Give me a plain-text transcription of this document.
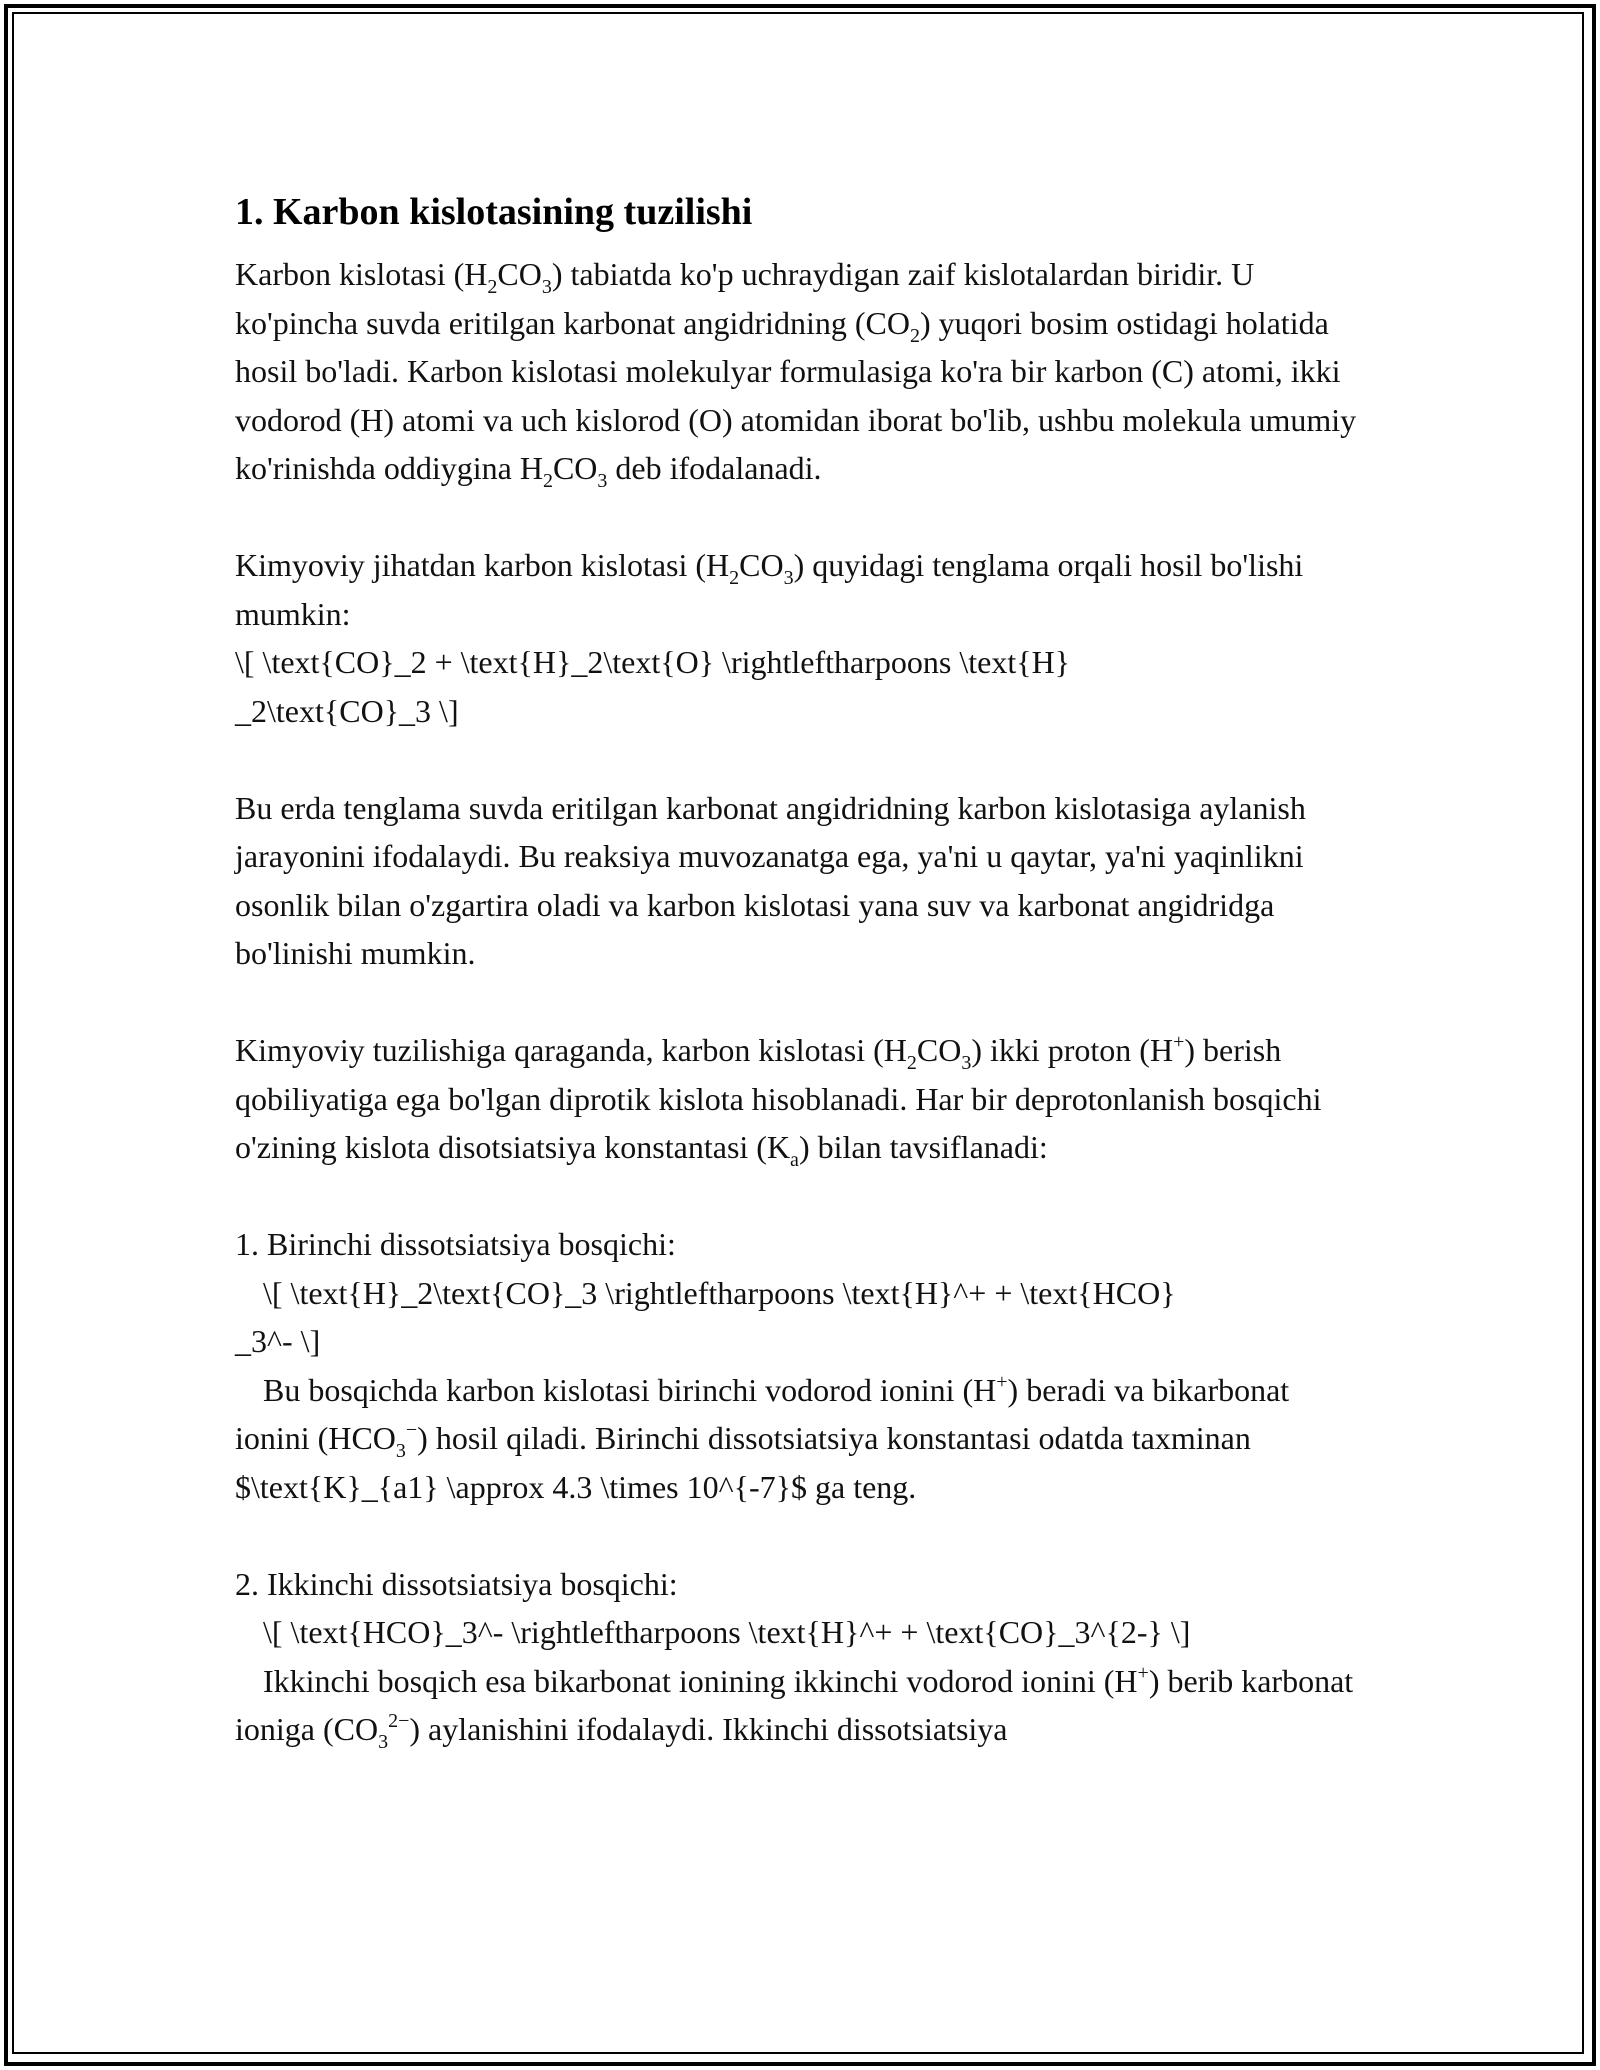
1. Karbon kislotasining tuzilishi

Karbon kislotasi $(H_2CO_3)$ tabiatda ko'p uchraydigan zaif kislotalardan biridir. U ko'pincha suvda eritilgan karbonat angidridning $(CO_2)$ yuqori bosim ostidagi holatida hosil bo'ladi. Karbon kislotasi molekulyar formulasiga ko'ra bir karbon (C) atomi, ikki vodorod (H) atomi va uch kislorod (O) atomidan iborat bo'lib, ushbu molekula umumiy ko'rinishda oddiygina $H_2CO_3$ deb ifodalanadi.

Kimyoviy jihatdan karbon kislotasi $(H_2CO_3)$ quyidagi tenglama orqali hosil bo'lishi mumkin:
\[ \text{CO}_2 + \text{H}_2\text{O} \rightleftharpoons \text{H}
_2\text{CO}_3 \]

Bu erda tenglama suvda eritilgan karbonat angidridning karbon kislotasiga aylanish jarayonini ifodalaydi. Bu reaksiya muvozanatga ega, ya'ni u qaytar, ya'ni yaqinlikni osonlik bilan o'zgartira oladi va karbon kislotasi yana suv va karbonat angidridga bo'linishi mumkin.

Kimyoviy tuzilishiga qaraganda, karbon kislotasi $(H_2CO_3)$ ikki proton (H+) berish qobiliyatiga ega bo'lgan diprotik kislota hisoblanadi. Har bir deprotonlanish bosqichi o'zining kislota disotsiatsiya konstantasi $(K_a)$ bilan tavsiflanadi:

1. Birinchi dissotsiatsiya bosqichi:
\[ \text{H}_2\text{CO}_3 \rightleftharpoons \text{H}^+ + \text{HCO}
_3^- \]
Bu bosqichda karbon kislotasi birinchi vodorod ionini (H+) beradi va bikarbonat ionini $(HCO_3^-)$ hosil qiladi. Birinchi dissotsiatsiya konstantasi odatda taxminan $\text{K}_{a1} \approx 4.3 \times 10^{-7}$ ga teng.

2. Ikkinchi dissotsiatsiya bosqichi:
\[ \text{HCO}_3^- \rightleftharpoons \text{H}^+ + \text{CO}_3^{2-} \]
Ikkinchi bosqich esa bikarbonat ionining ikkinchi vodorod ionini (H+) berib karbonat ioniga $(CO_3^{2-})$ aylanishini ifodalaydi. Ikkinchi dissotsiatsiya
